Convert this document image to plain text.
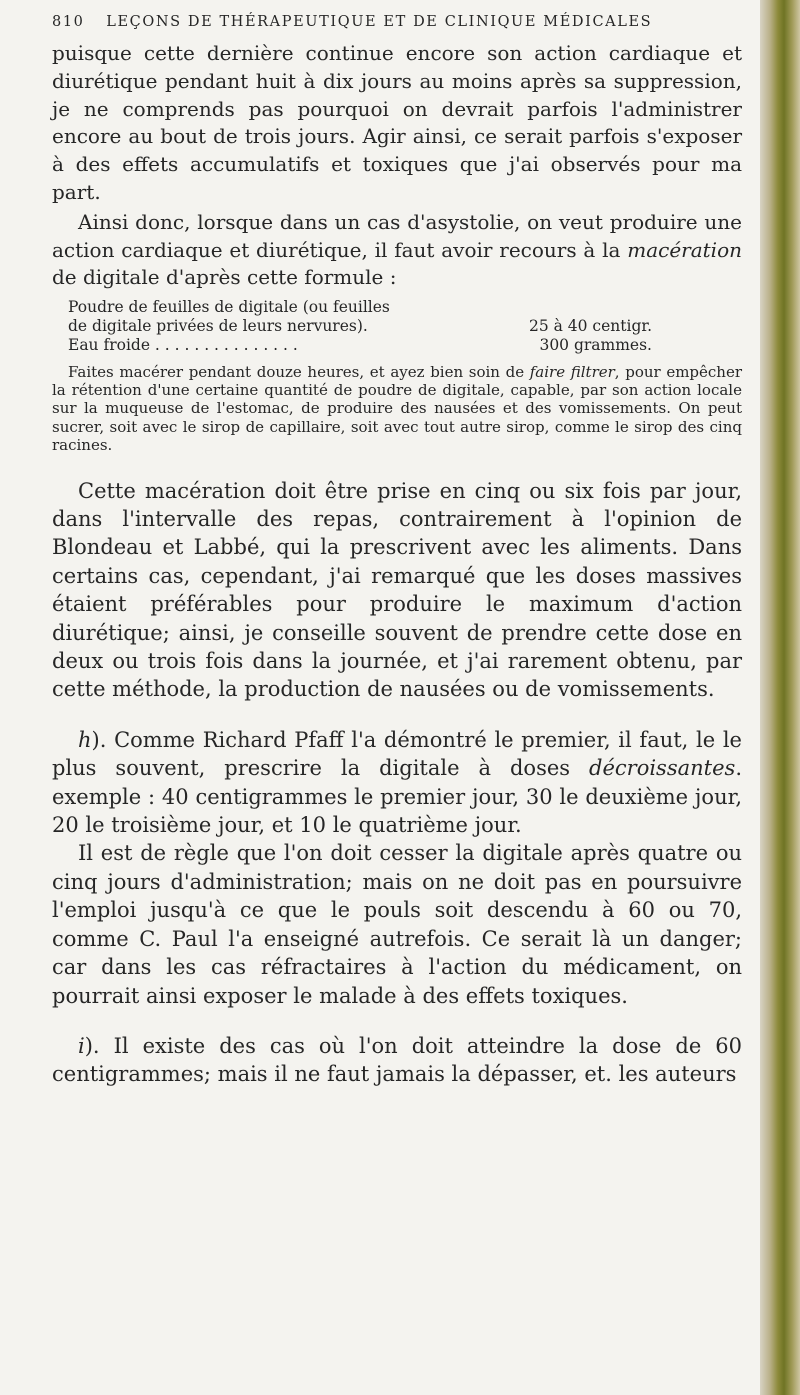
810 LEÇONS DE THÉRAPEUTIQUE ET DE CLINIQUE MÉDICALES

puisque cette dernière continue encore son action cardiaque et diurétique pendant huit à dix jours au moins après sa suppression, je ne comprends pas pourquoi on devrait parfois l'administrer encore au bout de trois jours. Agir ainsi, ce serait parfois s'exposer à des effets accumulatifs et toxiques que j'ai observés pour ma part.

Ainsi donc, lorsque dans un cas d'asystolie, on veut produire une action cardiaque et diurétique, il faut avoir recours à la macération de digitale d'après cette formule :

Poudre de feuilles de digitale (ou feuilles
de digitale privées de leurs nervures).	25 à 40 centigr.
Eau froide . . . . . . . . . . . . . . .	300 grammes.

Faites macérer pendant douze heures, et ayez bien soin de faire filtrer, pour empêcher la rétention d'une certaine quantité de poudre de digitale, capable, par son action locale sur la muqueuse de l'estomac, de produire des nausées et des vomissements. On peut sucrer, soit avec le sirop de capillaire, soit avec tout autre sirop, comme le sirop des cinq racines.

Cette macération doit être prise en cinq ou six fois par jour, dans l'intervalle des repas, contrairement à l'opinion de Blondeau et Labbé, qui la prescrivent avec les aliments. Dans certains cas, cependant, j'ai remarqué que les doses massives étaient préférables pour produire le maximum d'action diurétique; ainsi, je conseille souvent de prendre cette dose en deux ou trois fois dans la journée, et j'ai rarement obtenu, par cette méthode, la production de nausées ou de vomissements.

h). Comme Richard Pfaff l'a démontré le premier, il faut, le le plus souvent, prescrire la digitale à doses décroissantes. exemple : 40 centigrammes le premier jour, 30 le deuxième jour, 20 le troisième jour, et 10 le quatrième jour.

Il est de règle que l'on doit cesser la digitale après quatre ou cinq jours d'administration; mais on ne doit pas en poursuivre l'emploi jusqu'à ce que le pouls soit descendu à 60 ou 70, comme C. Paul l'a enseigné autrefois. Ce serait là un danger; car dans les cas réfractaires à l'action du médicament, on pourrait ainsi exposer le malade à des effets toxiques.

i). Il existe des cas où l'on doit atteindre la dose de 60 centigrammes; mais il ne faut jamais la dépasser, et. les auteurs
